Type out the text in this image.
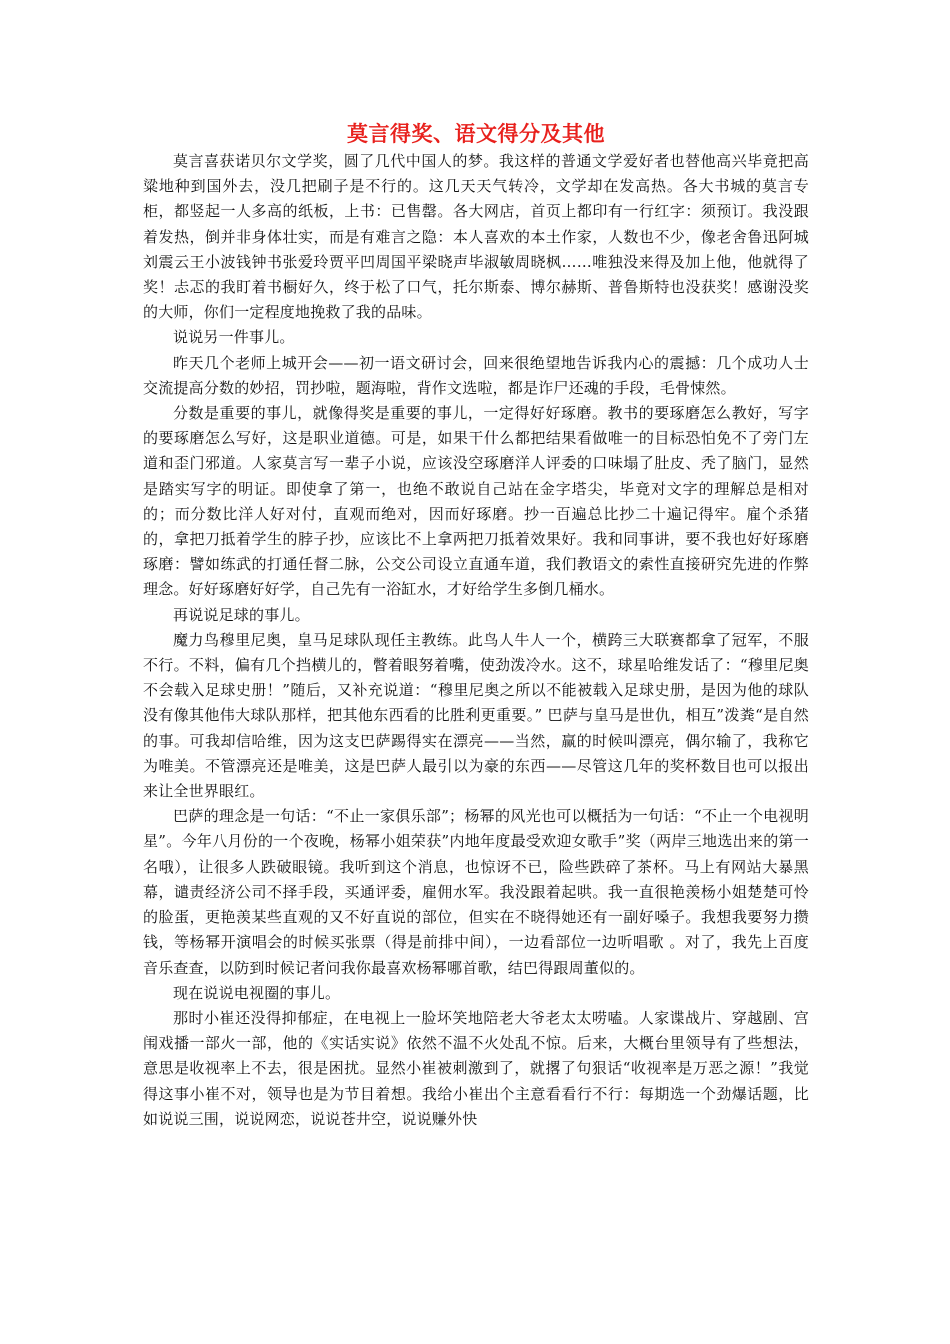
莫言得奖、语文得分及其他

莫言喜获诺贝尔文学奖，圆了几代中国人的梦。我这样的普通文学爱好者也替他高兴毕竟把高粱地种到国外去，没几把刷子是不行的。这几天天气转冷，文学却在发高热。各大书城的莫言专柜，都竖起一人多高的纸板，上书：已售罄。各大网店，首页上都印有一行红字：须预订。我没跟着发热，倒并非身体壮实，而是有难言之隐：本人喜欢的本土作家，人数也不少，像老舍鲁迅阿城刘震云王小波钱钟书张爱玲贾平凹周国平梁晓声毕淑敏周晓枫……唯独没来得及加上他，他就得了奖！忐忑的我盯着书橱好久，终于松了口气，托尔斯泰、博尔赫斯、普鲁斯特也没获奖！感谢没奖的大师，你们一定程度地挽救了我的品味。

说说另一件事儿。

昨天几个老师上城开会——初一语文研讨会，回来很绝望地告诉我内心的震撼：几个成功人士交流提高分数的妙招，罚抄啦，题海啦，背作文选啦，都是诈尸还魂的手段，毛骨悚然。

分数是重要的事儿，就像得奖是重要的事儿，一定得好好琢磨。教书的要琢磨怎么教好，写字的要琢磨怎么写好，这是职业道德。可是，如果干什么都把结果看做唯一的目标恐怕免不了旁门左道和歪门邪道。人家莫言写一辈子小说，应该没空琢磨洋人评委的口味塌了肚皮、秃了脑门，显然是踏实写字的明证。即使拿了第一，也绝不敢说自己站在金字塔尖，毕竟对文字的理解总是相对的；而分数比洋人好对付，直观而绝对，因而好琢磨。抄一百遍总比抄二十遍记得牢。雇个杀猪的，拿把刀抵着学生的脖子抄，应该比不上拿两把刀抵着效果好。我和同事讲，要不我也好好琢磨琢磨：譬如练武的打通任督二脉，公交公司设立直通车道，我们教语文的索性直接研究先进的作弊理念。好好琢磨好好学，自己先有一浴缸水，才好给学生多倒几桶水。

再说说足球的事儿。

魔力鸟穆里尼奥，皇马足球队现任主教练。此鸟人牛人一个，横跨三大联赛都拿了冠军，不服不行。不料，偏有几个挡横儿的，瞥着眼努着嘴，使劲泼冷水。这不，球星哈维发话了：“穆里尼奥不会载入足球史册！”随后，又补充说道：“穆里尼奥之所以不能被载入足球史册，是因为他的球队没有像其他伟大球队那样，把其他东西看的比胜利更重要。” 巴萨与皇马是世仇，相互”泼粪“是自然的事。可我却信哈维，因为这支巴萨踢得实在漂亮——当然，赢的时候叫漂亮，偶尔输了，我称它为唯美。不管漂亮还是唯美，这是巴萨人最引以为豪的东西——尽管这几年的奖杯数目也可以报出来让全世界眼红。

巴萨的理念是一句话：“不止一家俱乐部”；杨幂的风光也可以概括为一句话：“不止一个电视明星”。今年八月份的一个夜晚，杨幂小姐荣获”内地年度最受欢迎女歌手”奖（两岸三地选出来的第一名哦），让很多人跌破眼镜。我听到这个消息，也惊讶不已，险些跌碎了茶杯。马上有网站大暴黑幕，谴责经济公司不择手段，买通评委，雇佣水军。我没跟着起哄。我一直很艳羡杨小姐楚楚可怜的脸蛋，更艳羡某些直观的又不好直说的部位，但实在不晓得她还有一副好嗓子。我想我要努力攒钱，等杨幂开演唱会的时候买张票（得是前排中间），一边看部位一边听唱歌 。对了，我先上百度音乐查查，以防到时候记者问我你最喜欢杨幂哪首歌，结巴得跟周董似的。

现在说说电视圈的事儿。

那时小崔还没得抑郁症，在电视上一脸坏笑地陪老大爷老太太唠嗑。人家谍战片、穿越剧、宫闱戏播一部火一部，他的《实话实说》依然不温不火处乱不惊。后来，大概台里领导有了些想法，意思是收视率上不去，很是困扰。显然小崔被刺激到了，就撂了句狠话“收视率是万恶之源！”我觉得这事小崔不对，领导也是为节目着想。我给小崔出个主意看看行不行：每期选一个劲爆话题，比如说说三围，说说网恋，说说苍井空，说说赚外快
